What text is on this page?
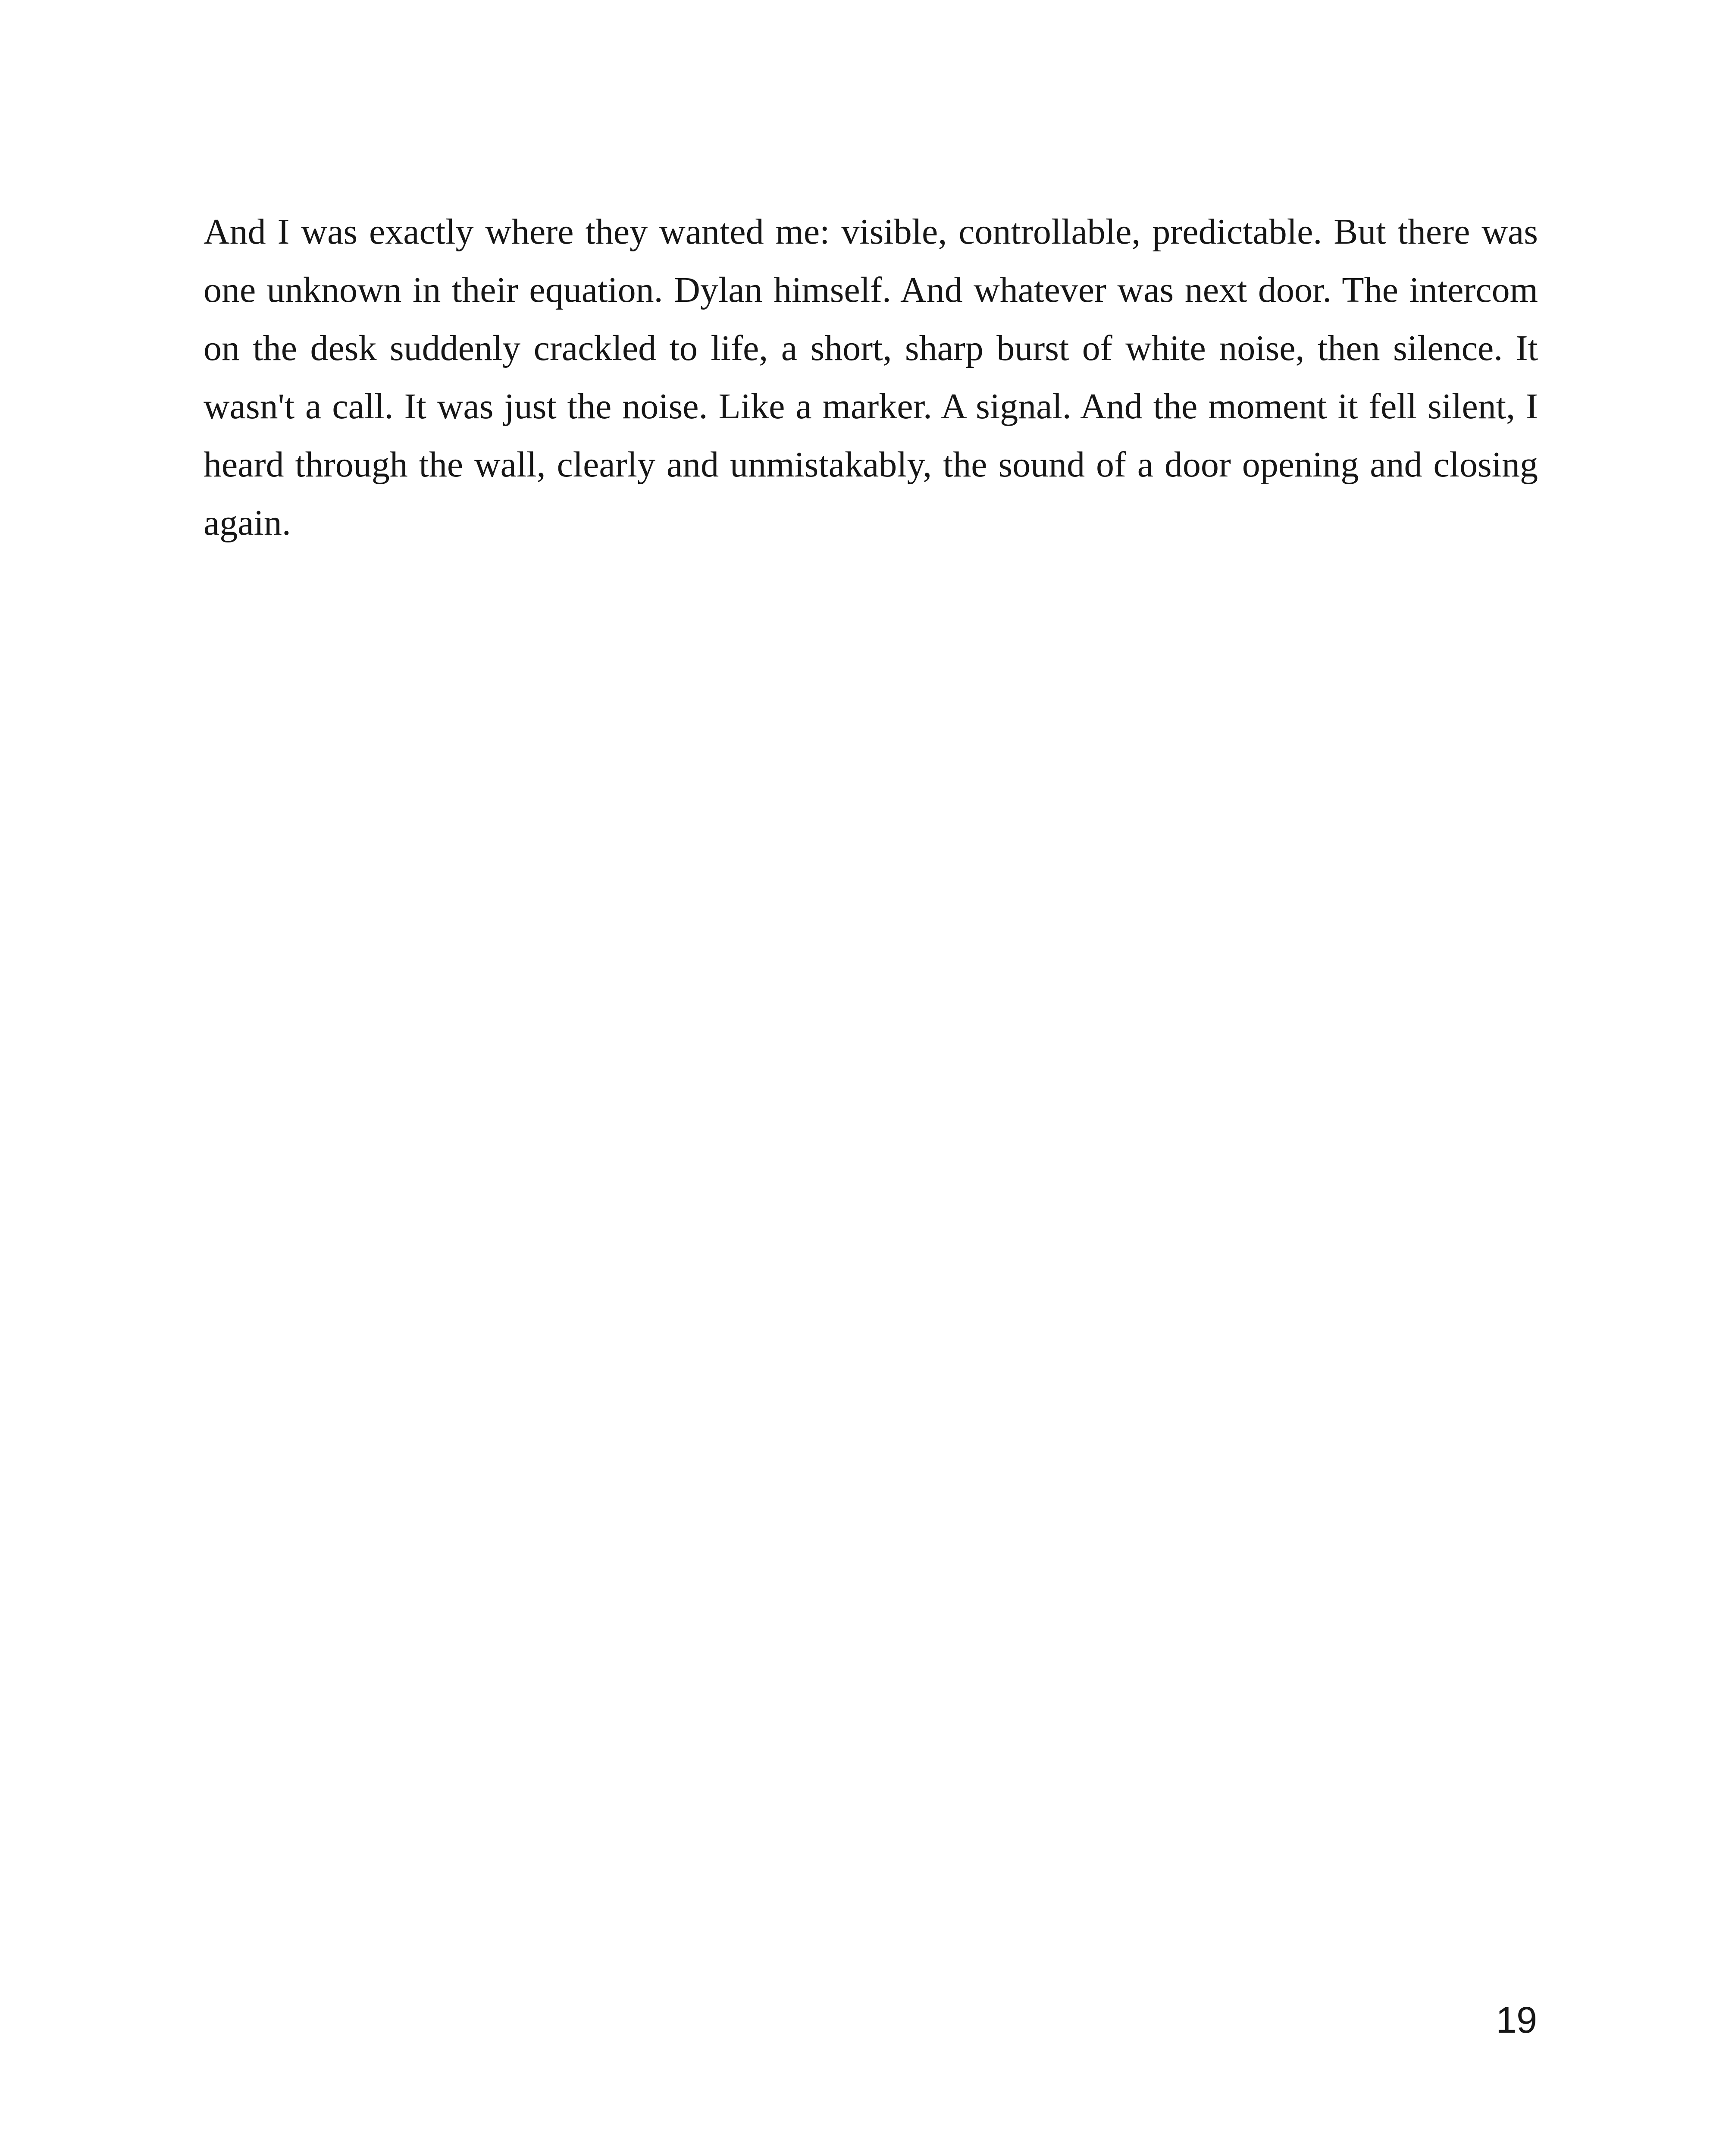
And I was exactly where they wanted me: visible, controllable, predictable. But there was one unknown in their equation. Dylan himself. And whatever was next door. The intercom on the desk suddenly crackled to life, a short, sharp burst of white noise, then silence. It wasn't a call. It was just the noise. Like a marker. A signal. And the moment it fell silent, I heard through the wall, clearly and unmistakably, the sound of a door opening and closing again.

19
